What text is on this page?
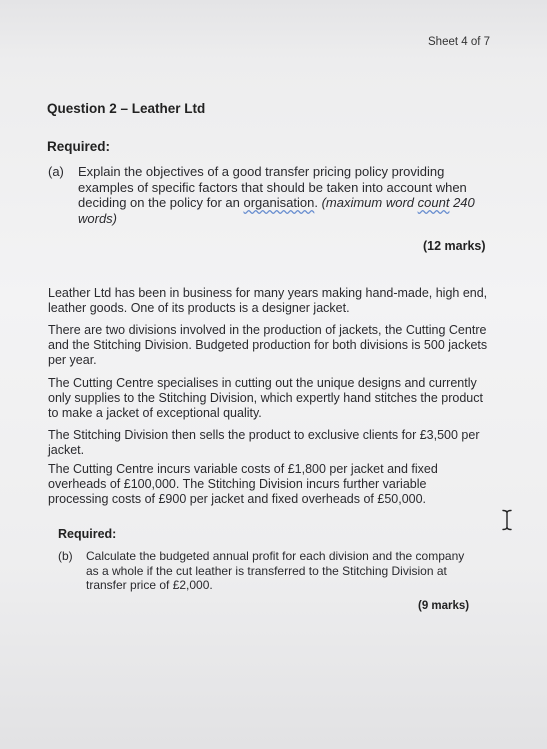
Sheet 4 of 7
Question 2 – Leather Ltd
Required:
(a) Explain the objectives of a good transfer pricing policy providing examples of specific factors that should be taken into account when deciding on the policy for an organisation. (maximum word count 240 words)
(12 marks)
Leather Ltd has been in business for many years making hand-made, high end, leather goods. One of its products is a designer jacket.
There are two divisions involved in the production of jackets, the Cutting Centre and the Stitching Division. Budgeted production for both divisions is 500 jackets per year.
The Cutting Centre specialises in cutting out the unique designs and currently only supplies to the Stitching Division, which expertly hand stitches the product to make a jacket of exceptional quality.
The Stitching Division then sells the product to exclusive clients for £3,500 per jacket.
The Cutting Centre incurs variable costs of £1,800 per jacket and fixed overheads of £100,000. The Stitching Division incurs further variable processing costs of £900 per jacket and fixed overheads of £50,000.
Required:
(b) Calculate the budgeted annual profit for each division and the company as a whole if the cut leather is transferred to the Stitching Division at transfer price of £2,000.
(9 marks)
